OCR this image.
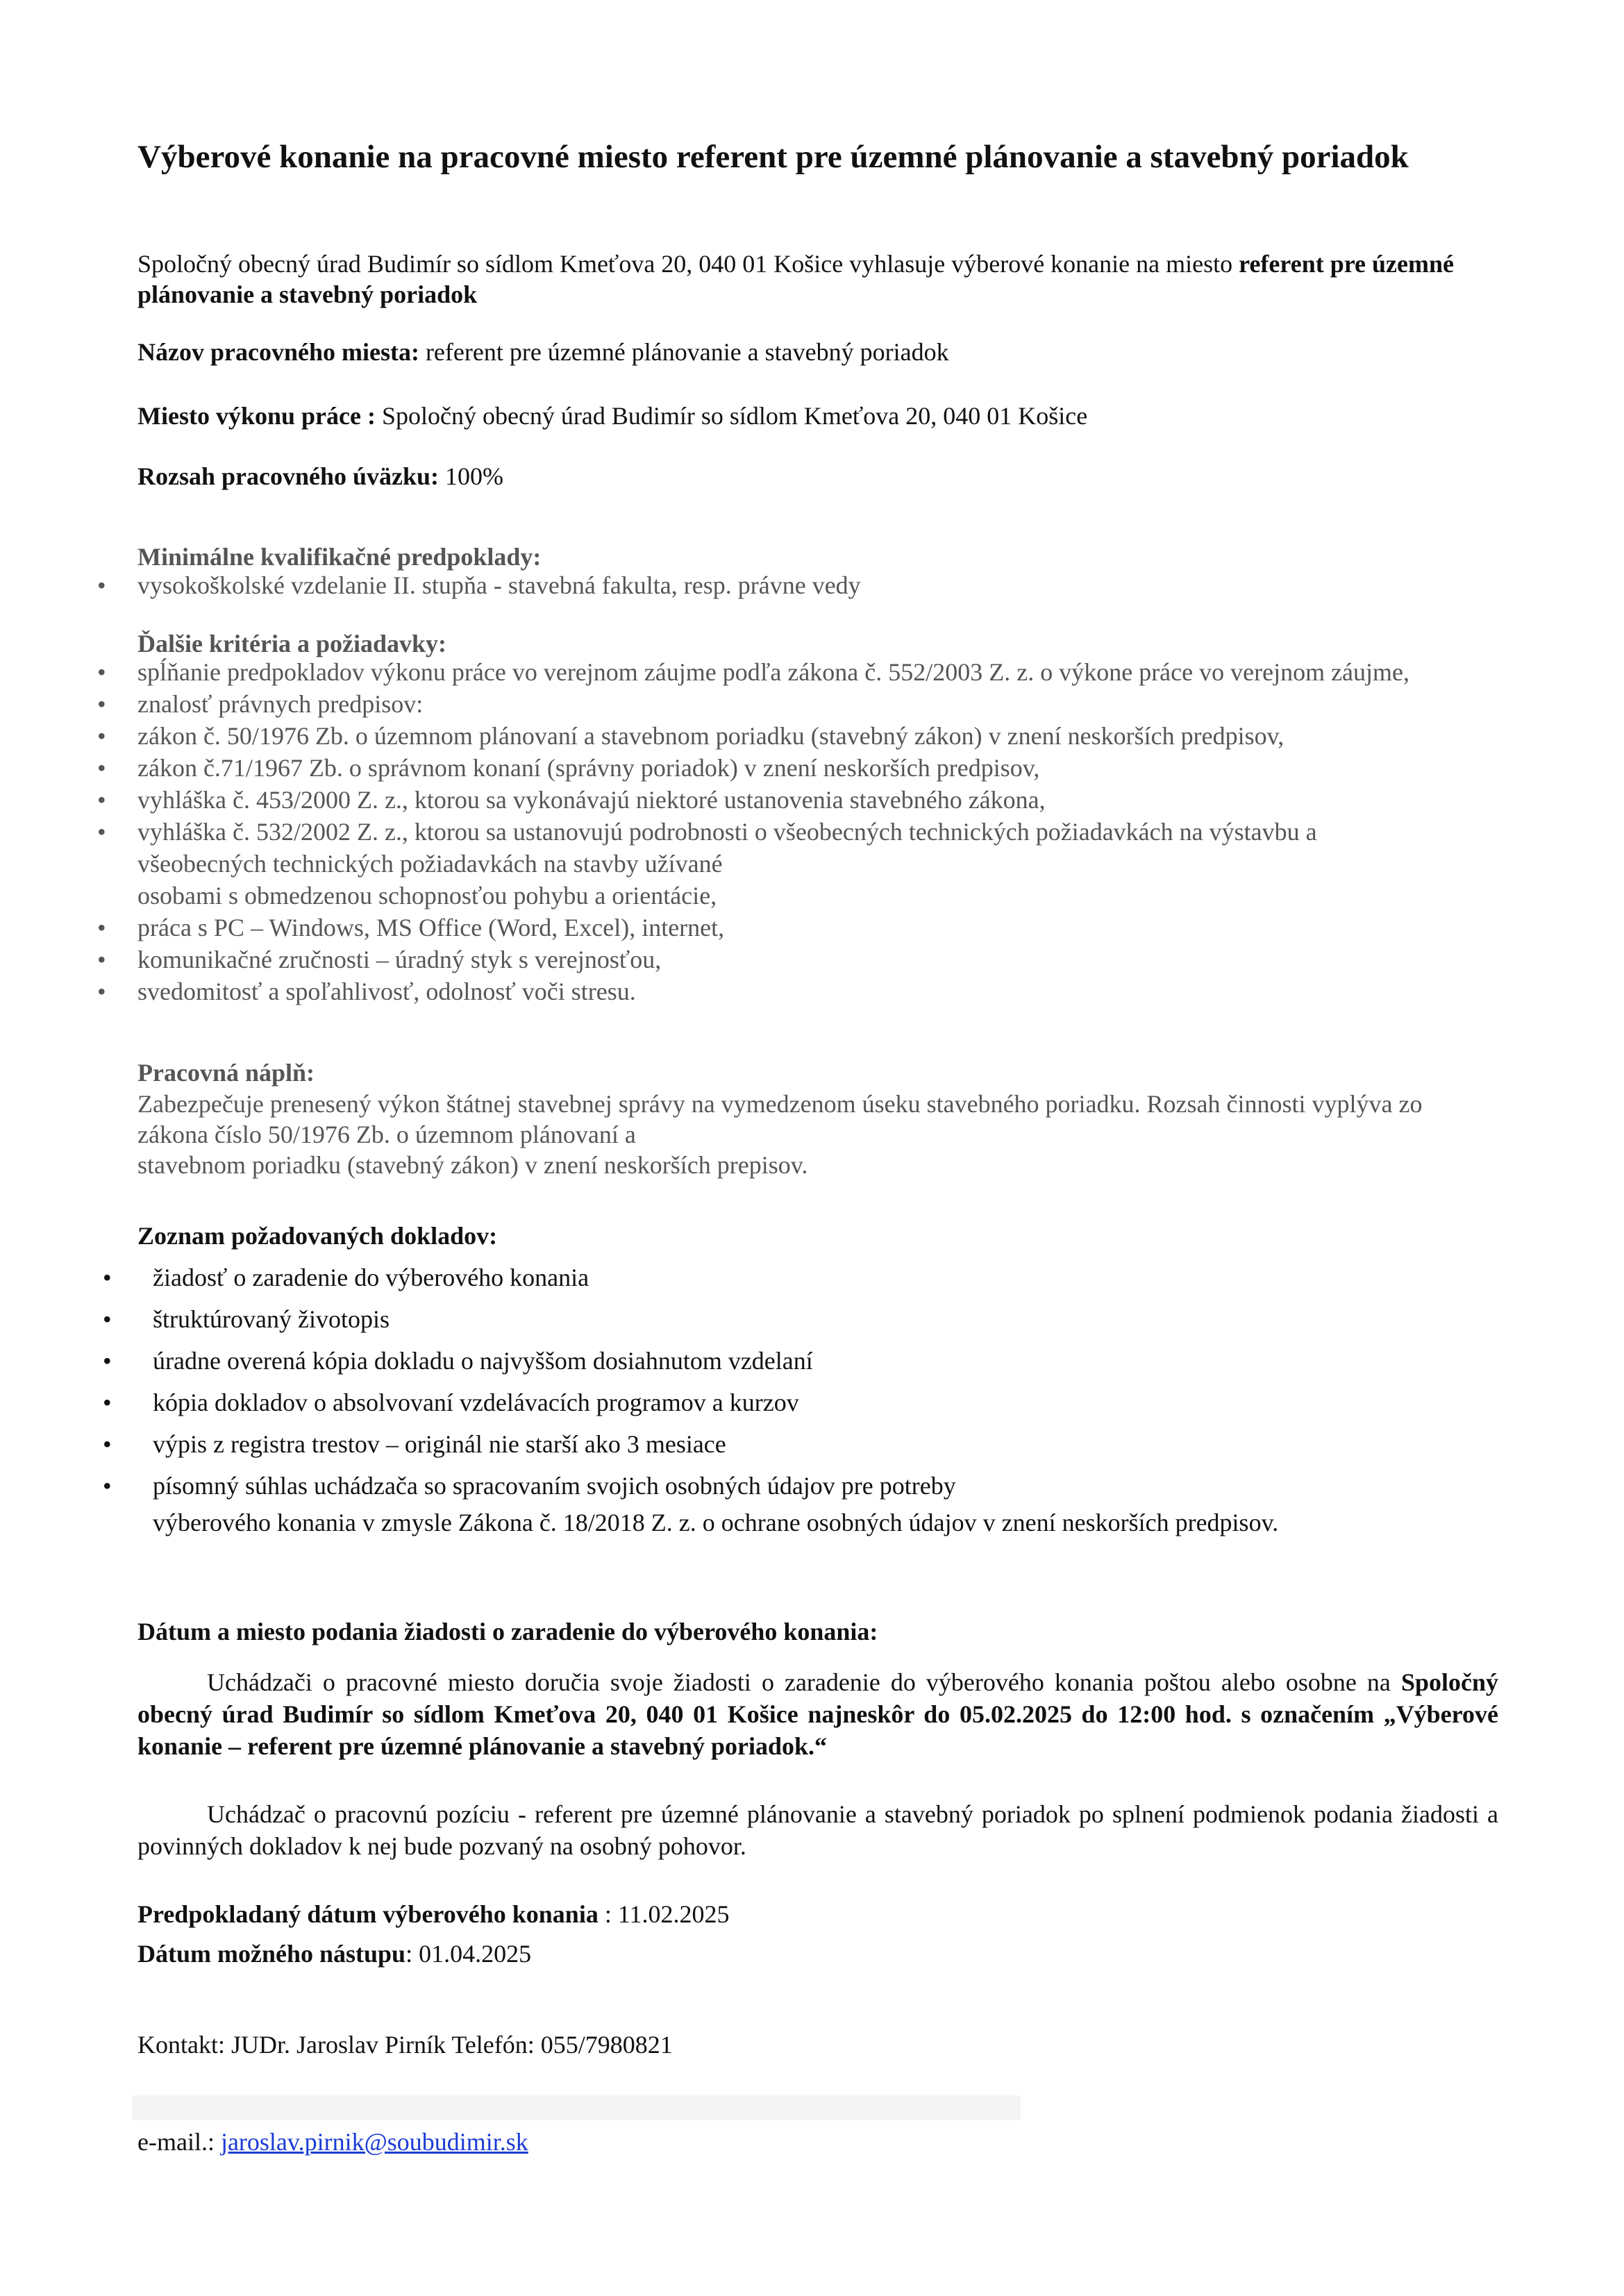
Výberové konanie na pracovné miesto referent pre územné plánovanie a stavebný poriadok

Spoločný obecný úrad Budimír so sídlom Kmeťova 20, 040 01 Košice vyhlasuje výberové konanie na miesto referent pre územné plánovanie a stavebný poriadok

Názov pracovného miesta: referent pre územné plánovanie a stavebný poriadok

Miesto výkonu práce : Spoločný obecný úrad Budimír so sídlom Kmeťova 20, 040 01 Košice

Rozsah pracovného úväzku: 100%

Minimálne kvalifikačné predpoklady:

• vysokoškolské vzdelanie II. stupňa - stavebná fakulta, resp. právne vedy

Ďalšie kritéria a požiadavky:

• spĺňanie predpokladov výkonu práce vo verejnom záujme podľa zákona č. 552/2003 Z. z. o výkone práce vo verejnom záujme,
• znalosť právnych predpisov:
• zákon č. 50/1976 Zb. o územnom plánovaní a stavebnom poriadku (stavebný zákon) v znení neskorších predpisov,
• zákon č.71/1967 Zb. o správnom konaní (správny poriadok) v znení neskorších predpisov,
• vyhláška č. 453/2000 Z. z., ktorou sa vykonávajú niektoré ustanovenia stavebného zákona,
• vyhláška č. 532/2002 Z. z., ktorou sa ustanovujú podrobnosti o všeobecných technických požiadavkách na výstavbu a všeobecných technických požiadavkách na stavby užívané
osobami s obmedzenou schopnosťou pohybu a orientácie,
• práca s PC – Windows, MS Office (Word, Excel), internet,
• komunikačné zručnosti – úradný styk s verejnosťou,
• svedomitosť a spoľahlivosť, odolnosť voči stresu.

Pracovná náplň:

Zabezpečuje prenesený výkon štátnej stavebnej správy na vymedzenom úseku stavebného poriadku. Rozsah činnosti vyplýva zo zákona číslo 50/1976 Zb. o územnom plánovaní a
stavebnom poriadku (stavebný zákon) v znení neskorších prepisov.

Zoznam požadovaných dokladov:

• žiadosť o zaradenie do výberového konania
• štruktúrovaný životopis
• úradne overená kópia dokladu o najvyššom dosiahnutom vzdelaní
• kópia dokladov o absolvovaní vzdelávacích programov a kurzov
• výpis z registra trestov – originál nie starší ako 3 mesiace
• písomný súhlas uchádzača so spracovaním svojich osobných údajov pre potreby
výberového konania v zmysle Zákona č. 18/2018 Z. z. o ochrane osobných údajov v znení neskorších predpisov.

Dátum a miesto podania žiadosti o zaradenie do výberového konania:

Uchádzači o pracovné miesto doručia svoje žiadosti o zaradenie do výberového konania poštou alebo osobne na Spoločný obecný úrad Budimír so sídlom Kmeťova 20, 040 01 Košice najneskôr do 05.02.2025 do 12:00 hod. s označením „Výberové konanie – referent pre územné plánovanie a stavebný poriadok.“

Uchádzač o pracovnú pozíciu - referent pre územné plánovanie a stavebný poriadok po splnení podmienok podania žiadosti a povinných dokladov k nej bude pozvaný na osobný pohovor.

Predpokladaný dátum výberového konania : 11.02.2025

Dátum možného nástupu: 01.04.2025

Kontakt: JUDr. Jaroslav Pirník Telefón: 055/7980821

e-mail.: jaroslav.pirnik@soubudimir.sk
